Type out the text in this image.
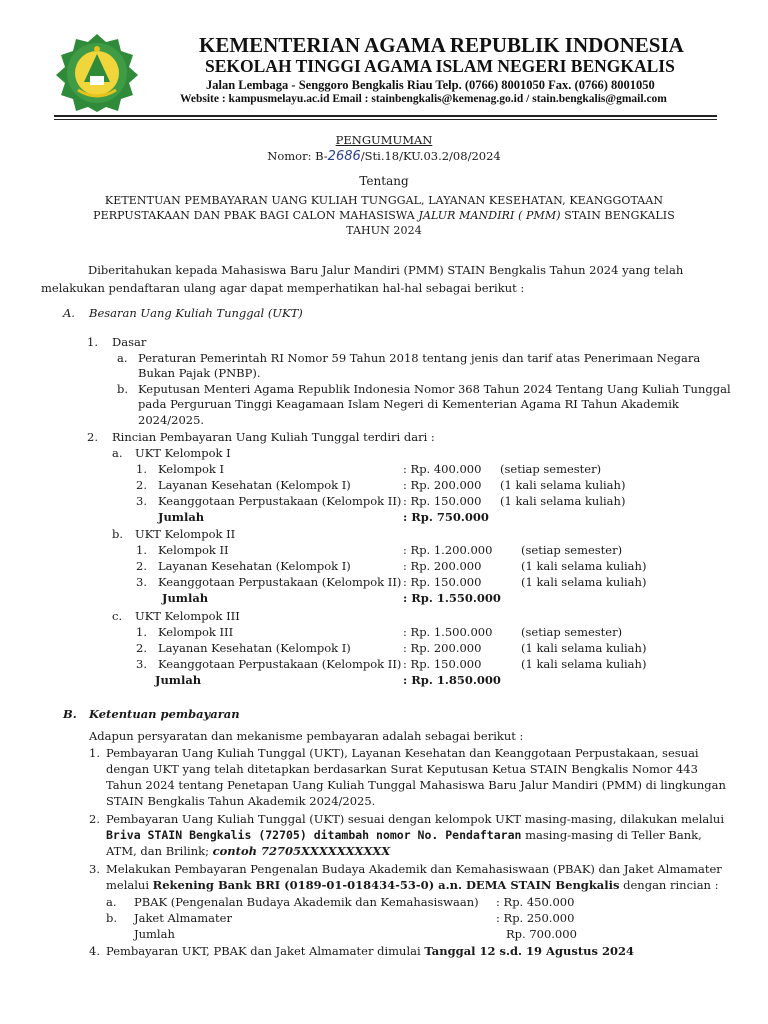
KEMENTERIAN AGAMA REPUBLIK INDONESIA
SEKOLAH TINGGI AGAMA ISLAM NEGERI BENGKALIS
Jalan Lembaga - Senggoro Bengkalis Riau Telp. (0766) 8001050 Fax. (0766) 8001050
Website : kampusmelayu.ac.id Email : stainbengkalis@kemenag.go.id / stain.bengkalis@gmail.com
PENGUMUMAN
Nomor: B-2686/Sti.18/KU.03.2/08/2024
Tentang
KETENTUAN PEMBAYARAN UANG KULIAH TUNGGAL, LAYANAN KESEHATAN, KEANGGOTAAN
PERPUSTAKAAN DAN PBAK BAGI CALON MAHASISWA JALUR MANDIRI ( PMM) STAIN BENGKALIS
TAHUN 2024
Diberitahukan kepada Mahasiswa Baru Jalur Mandiri (PMM) STAIN Bengkalis Tahun 2024 yang telah
melakukan pendaftaran ulang agar dapat memperhatikan hal-hal sebagai berikut :
A. Besaran Uang Kuliah Tunggal (UKT)
1. Dasar
a. Peraturan Pemerintah RI Nomor 59 Tahun 2018 tentang jenis dan tarif atas Penerimaan Negara
Bukan Pajak (PNBP).
b. Keputusan Menteri Agama Republik Indonesia Nomor 368 Tahun 2024 Tentang Uang Kuliah Tunggal
pada Perguruan Tinggi Keagamaan Islam Negeri di Kementerian Agama RI Tahun Akademik
2024/2025.
2. Rincian Pembayaran Uang Kuliah Tunggal terdiri dari :
a. UKT Kelompok I
1. Kelompok I	: Rp. 400.000 (setiap semester)
2. Layanan Kesehatan (Kelompok I)	: Rp. 200.000 (1 kali selama kuliah)
3. Keanggotaan Perpustakaan (Kelompok II) : Rp. 150.000 (1 kali selama kuliah)
Jumlah	: Rp. 750.000
b. UKT Kelompok II
1. Kelompok II	: Rp. 1.200.000 (setiap semester)
2. Layanan Kesehatan (Kelompok I)	: Rp. 200.000	(1 kali selama kuliah)
3. Keanggotaan Perpustakaan (Kelompok II) : Rp. 150.000	(1 kali selama kuliah)
Jumlah	: Rp. 1.550.000
c. UKT Kelompok III
1. Kelompok III	: Rp. 1.500.000 (setiap semester)
2. Layanan Kesehatan (Kelompok I)	: Rp. 200.000	(1 kali selama kuliah)
3. Keanggotaan Perpustakaan (Kelompok II) : Rp. 150.000	(1 kali selama kuliah)
Jumlah	: Rp. 1.850.000
B. Ketentuan pembayaran
Adapun persyaratan dan mekanisme pembayaran adalah sebagai berikut :
1. Pembayaran Uang Kuliah Tunggal (UKT), Layanan Kesehatan dan Keanggotaan Perpustakaan, sesuai
dengan UKT yang telah ditetapkan berdasarkan Surat Keputusan Ketua STAIN Bengkalis Nomor 443
Tahun 2024 tentang Penetapan Uang Kuliah Tunggal Mahasiswa Baru Jalur Mandiri (PMM) di lingkungan
STAIN Bengkalis Tahun Akademik 2024/2025.
2. Pembayaran Uang Kuliah Tunggal (UKT) sesuai dengan kelompok UKT masing-masing, dilakukan melalui
Briva STAIN Bengkalis (72705) ditambah nomor No. Pendaftaran masing-masing di Teller Bank,
ATM, dan Brilink; contoh 72705XXXXXXXXXX
3. Melakukan Pembayaran Pengenalan Budaya Akademik dan Kemahasiswaan (PBAK) dan Jaket Almamater
melalui Rekening Bank BRI (0189-01-018434-53-0) a.n. DEMA STAIN Bengkalis dengan rincian :
a. PBAK (Pengenalan Budaya Akademik dan Kemahasiswaan) : Rp. 450.000
b. Jaket Almamater	: Rp. 250.000
Jumlah	Rp. 700.000
4. Pembayaran UKT, PBAK dan Jaket Almamater dimulai Tanggal 12 s.d. 19 Agustus 2024
